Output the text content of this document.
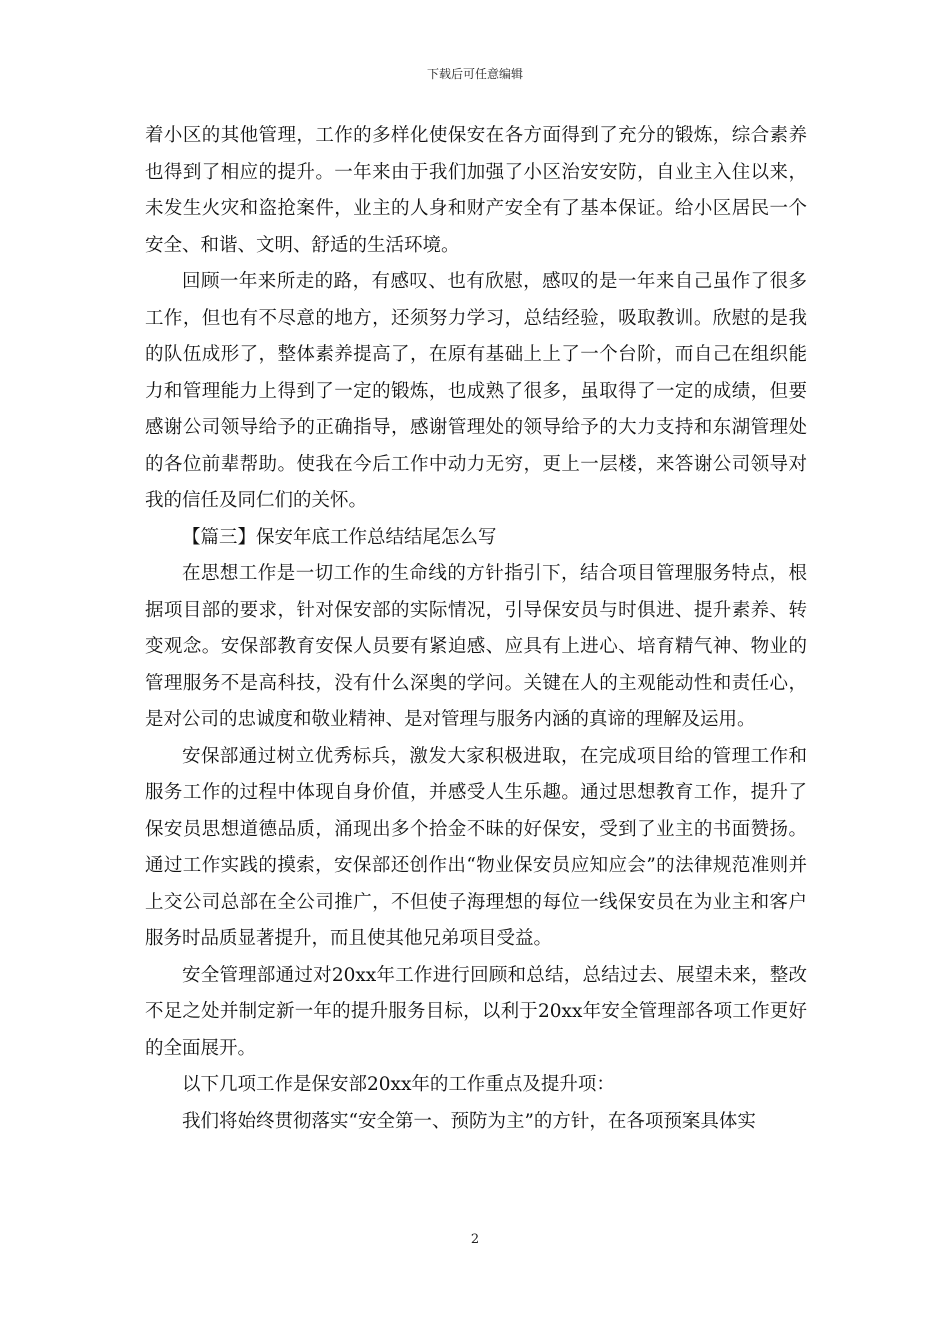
下载后可任意编辑

着小区的其他管理，工作的多样化使保安在各方面得到了充分的锻炼，综合素养也得到了相应的提升。一年来由于我们加强了小区治安安防，自业主入住以来，未发生火灾和盗抢案件，业主的人身和财产安全有了基本保证。给小区居民一个安全、和谐、文明、舒适的生活环境。

回顾一年来所走的路，有感叹、也有欣慰，感叹的是一年来自己虽作了很多工作，但也有不尽意的地方，还须努力学习，总结经验，吸取教训。欣慰的是我的队伍成形了，整体素养提高了，在原有基础上上了一个台阶，而自己在组织能力和管理能力上得到了一定的锻炼，也成熟了很多，虽取得了一定的成绩，但要感谢公司领导给予的正确指导，感谢管理处的领导给予的大力支持和东湖管理处的各位前辈帮助。使我在今后工作中动力无穷，更上一层楼，来答谢公司领导对我的信任及同仁们的关怀。

【篇三】保安年底工作总结结尾怎么写

在思想工作是一切工作的生命线的方针指引下，结合项目管理服务特点，根据项目部的要求，针对保安部的实际情况，引导保安员与时俱进、提升素养、转变观念。安保部教育安保人员要有紧迫感、应具有上进心、培育精气神、物业的管理服务不是高科技，没有什么深奥的学问。关键在人的主观能动性和责任心，是对公司的忠诚度和敬业精神、是对管理与服务内涵的真谛的理解及运用。

安保部通过树立优秀标兵，激发大家积极进取，在完成项目给的管理工作和服务工作的过程中体现自身价值，并感受人生乐趣。通过思想教育工作，提升了保安员思想道德品质，涌现出多个拾金不昧的好保安，受到了业主的书面赞扬。通过工作实践的摸索，安保部还创作出“物业保安员应知应会”的法律规范准则并上交公司总部在全公司推广，不但使子海理想的每位一线保安员在为业主和客户服务时品质显著提升，而且使其他兄弟项目受益。

安全管理部通过对20xx年工作进行回顾和总结，总结过去、展望未来，整改不足之处并制定新一年的提升服务目标，以利于20xx年安全管理部各项工作更好的全面展开。

以下几项工作是保安部20xx年的工作重点及提升项：

我们将始终贯彻落实“安全第一、预防为主”的方针，在各项预案具体实

2
